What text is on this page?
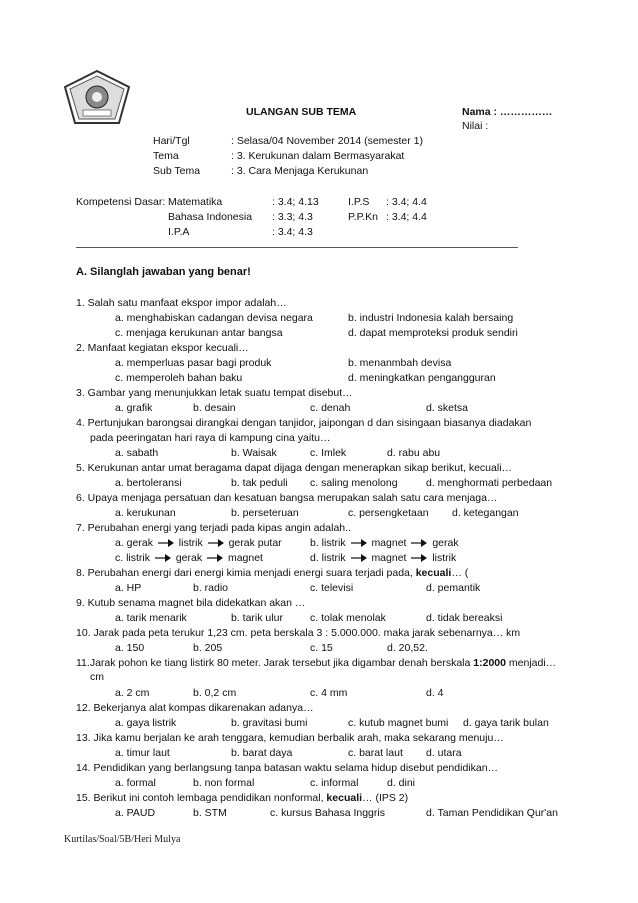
ULANGAN SUB TEMA	Nama : ……………
Nilai :
Hari/Tgl	: Selasa/04 November 2014 (semester 1)
Tema	: 3. Kerukunan dalam Bermasyarakat
Sub Tema	: 3. Cara Menjaga Kerukunan
Kompetensi Dasar: Matematika	: 3.4; 4.13	I.P.S : 3.4; 4.4
Bahasa Indonesia : 3.3; 4.3	P.P.Kn : 3.4; 4.4
I.P.A	: 3.4; 4.3
A. Silanglah jawaban yang benar!
1. Salah satu manfaat ekspor impor adalah…
a. menghabiskan cadangan devisa negara	b. industri Indonesia kalah bersaing
c. menjaga kerukunan antar bangsa	d. dapat memproteksi produk sendiri
2. Manfaat kegiatan ekspor kecuali…
a. memperluas pasar bagi produk	b. menanmbah devisa
c. memperoleh bahan baku	d. meningkatkan pengangguran
3. Gambar yang menunjukkan letak suatu tempat disebut…
a. grafik	b. desain	c. denah	d. sketsa
4. Pertunjukan barongsai dirangkai dengan tanjidor, jaipongan d dan sisingaan biasanya diadakan
pada peeringatan hari raya di kampung cina yaitu…
a. sabath	b. Waisak	c. Imlek	d. rabu abu
5. Kerukunan antar umat beragama dapat dijaga dengan menerapkan sikap berikut, kecuali…
a. bertoleransi	b. tak peduli c. saling menolong	d. menghormati perbedaan
6. Upaya menjaga persatuan dan kesatuan bangsa merupakan salah satu cara menjaga…
a. kerukunan	b. perseteruan	c. persengketaan d. ketegangan
7. Perubahan energi yang terjadi pada kipas angin adalah..
a. gerak listrik gerak putar	b. listrik magnet gerak
c. listrik gerak magnet	d. listrik magnet listrik
8. Perubahan energi dari energi kimia menjadi energi suara terjadi pada, kecuali… (
a. HP	b. radio	c. televisi	d. pemantik
9. Kutub senama magnet bila didekatkan akan …
a. tarik menarik	b. tarik ulur	c. tolak menolak	d. tidak bereaksi
10. Jarak pada peta terukur 1,23 cm. peta berskala 3 : 5.000.000. maka jarak sebenarnya… km
a. 150	b. 205	c. 15	d. 20,52.
11.Jarak pohon ke tiang listirk 80 meter. Jarak tersebut jika digambar denah berskala 1:2000 menjadi…
cm
a. 2 cm	b. 0,2 cm	c. 4 mm	d. 4
12. Bekerjanya alat kompas dikarenakan adanya…
a. gaya listrik	b. gravitasi bumi	c. kutub magnet bumi d. gaya tarik bulan
13. Jika kamu berjalan ke arah tenggara, kemudian berbalik arah, maka sekarang menuju…
a. timur laut	b. barat daya	c. barat laut d. utara
14. Pendidikan yang berlangsung tanpa batasan waktu selama hidup disebut pendidikan…
a. formal	b. non formal	c. informal	d. dini
15. Berikut ini contoh lembaga pendidikan nonformal, kecuali… (IPS 2)
a. PAUD	b. STM	c. kursus Bahasa Inggris	d. Taman Pendidikan Qur'an
Kurtilas/Soal/5B/Heri Mulya
